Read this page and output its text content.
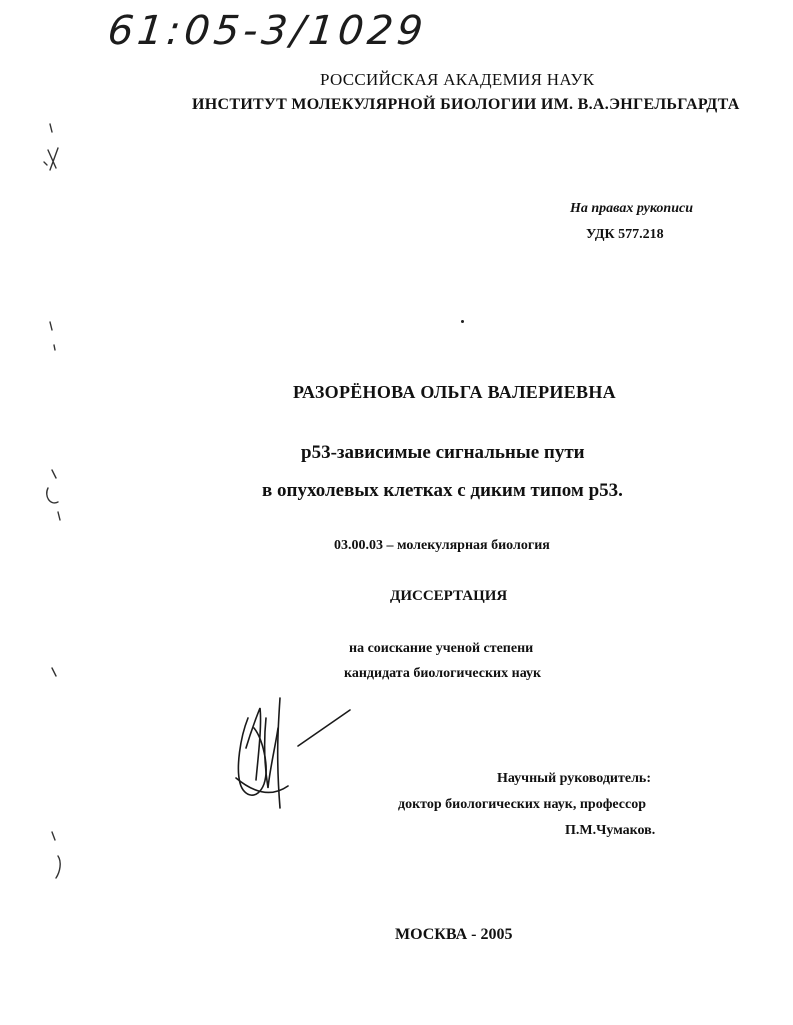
61:05-3/1029
РОССИЙСКАЯ АКАДЕМИЯ НАУК
ИНСТИТУТ МОЛЕКУЛЯРНОЙ БИОЛОГИИ ИМ. В.А.ЭНГЕЛЬГАРДТА
На правах рукописи
УДК 577.218
РАЗОРЁНОВА ОЛЬГА ВАЛЕРИЕВНА
p53-зависимые сигнальные пути
в опухолевых клетках с диким типом p53.
03.00.03 – молекулярная биология
ДИССЕРТАЦИЯ
на соискание ученой степени
кандидата биологических наук
Научный руководитель:
доктор биологических наук, профессор
П.М.Чумаков.
МОСКВА - 2005
